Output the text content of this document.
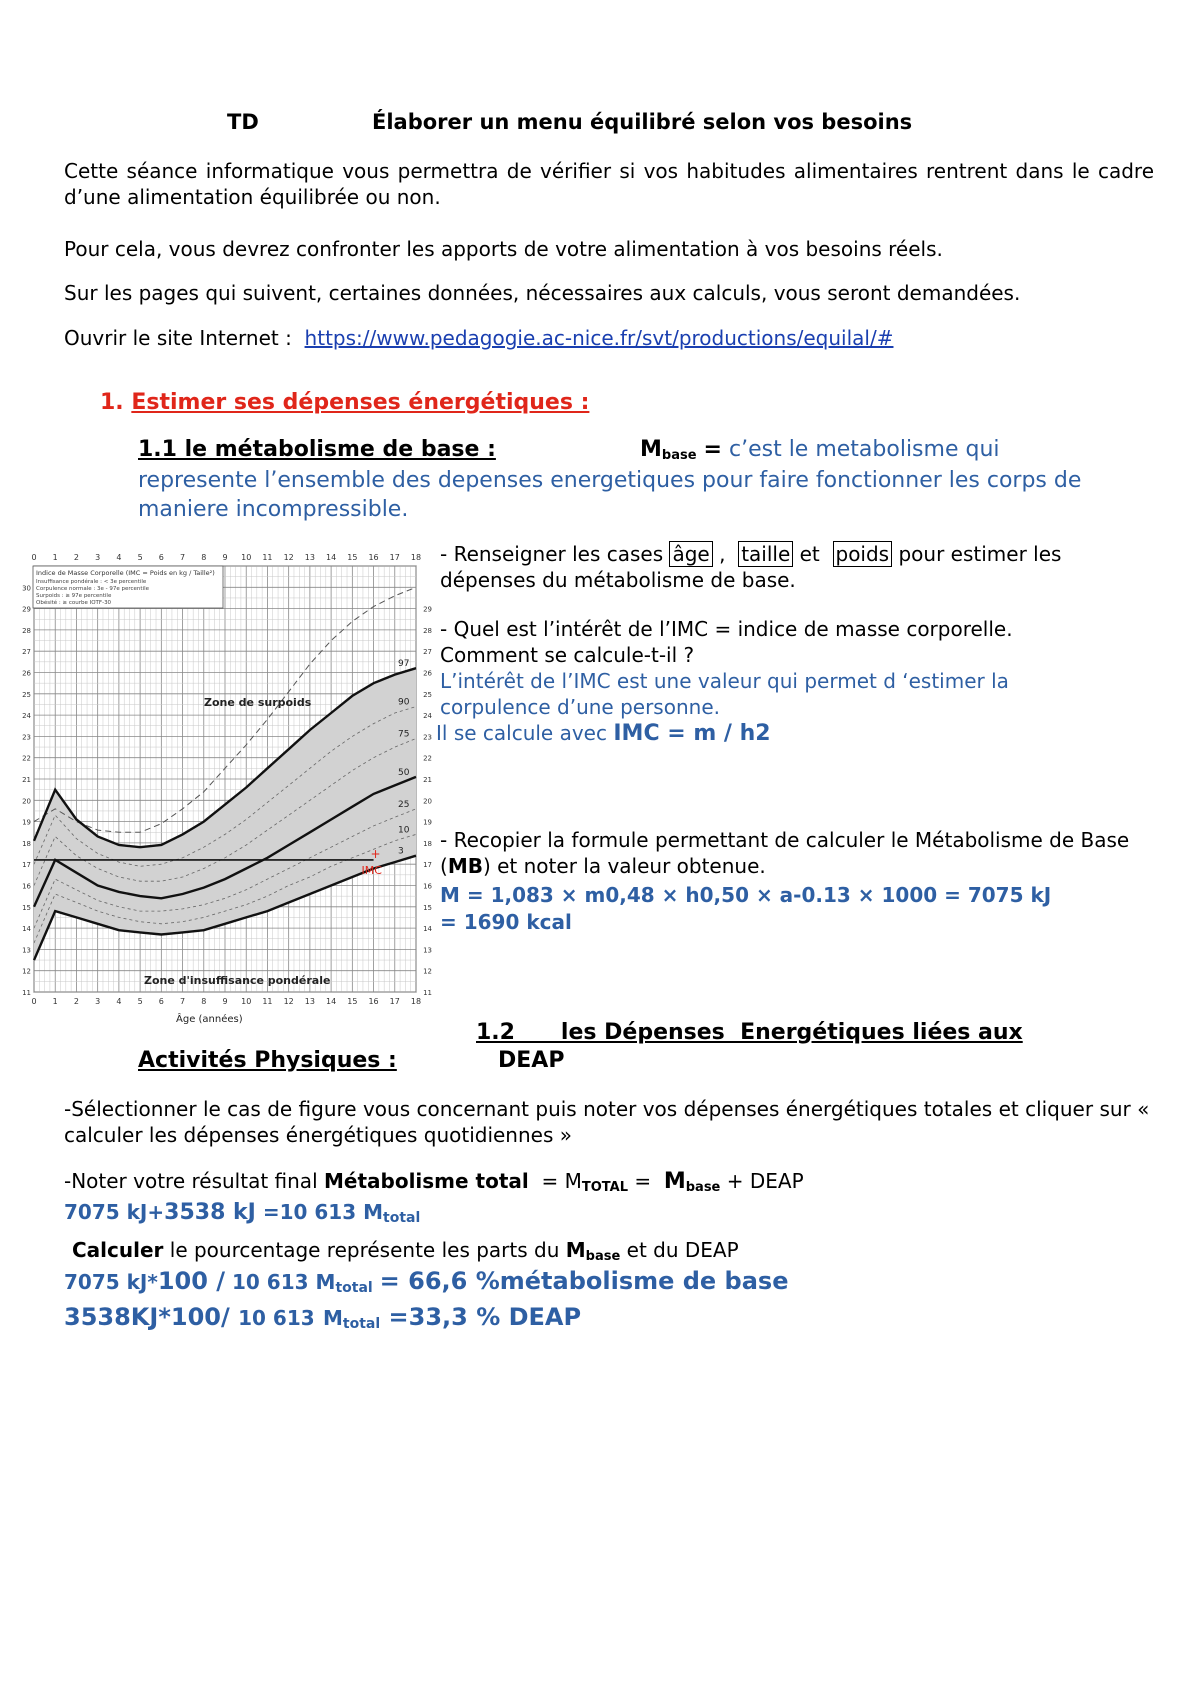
TD	Élaborer un menu équilibré selon vos besoins
Cette séance informatique vous permettra de vérifier si vos habitudes alimentaires rentrent dans le cadre d’une alimentation équilibrée ou non.
Pour cela, vous devrez confronter les apports de votre alimentation à vos besoins réels.
Sur les pages qui suivent, certaines données, nécessaires aux calculs, vous seront demandées.
Ouvrir le site Internet : https://www.pedagogie.ac-nice.fr/svt/productions/equilal/#
1. Estimer ses dépenses énergétiques :
1.1 le métabolisme de base :	$M_{base}$ = c’est le metabolisme qui
represente l’ensemble des depenses energetiques pour faire fonctionner les corps de maniere incompressible.
0
0
1
1
2
2
3
3
4
4
5
5
6
6
7
7
8
8
9
9
10
10
11
11
12
12
13
13
14
14
15
15
16
16
17
17
18
18
11	11
12	12
13	13
14	14
15	15
16	16
17	17
18	18
19	19
20	20
21	21
22	22
23	23
24	24
25	25
26	26
27	27
28	28
29	29
30
97
90
75
50
25
10
3
Indice de Masse Corporelle (IMC = Poids en kg / Taille²)
Insuffisance pondérale : < 3e percentile
Corpulence normale : 3e - 97e percentile
Surpoids : ≥ 97e percentile
Obésité : ≥ courbe IOTF-30
Zone de surpoids
Zone d'insuffisance pondérale
Âge (années)
IMC
+
- Renseigner les cases âge , taille et poids pour estimer les dépenses du métabolisme de base.
- Quel est l’intérêt de l’IMC = indice de masse corporelle.
Comment se calcule-t-il ?
L’intérêt de l’IMC est une valeur qui permet d ‘estimer la corpulence d’une personne.
Il se calcule avec IMC = m / h2
- Recopier la formule permettant de calculer le Métabolisme de Base (MB) et noter la valeur obtenue.
M = 1,083 × m0,48 × h0,50 × a-0.13 × 1000 = 7075 kJ
= 1690 kcal
1.2      les Dépenses  Energétiques liées aux
Activités Physiques :	DEAP
-Sélectionner le cas de figure vous concernant puis noter vos dépenses énergétiques totales et cliquer sur « calculer les dépenses énergétiques quotidiennes »
-Noter votre résultat final Métabolisme total = $M_{TOTAL} = M_{base}$ + DEAP
7075 kJ+3538 kJ =10 613 $M_{total}$
Calculer le pourcentage représente les parts du $M_{base}$ et du DEAP
7075 kJ*100 / 10 613 $M_{total} = 66,6$ %métabolisme de base
3538KJ*100/ 10 613 $M_{total} =33,3$ % DEAP
